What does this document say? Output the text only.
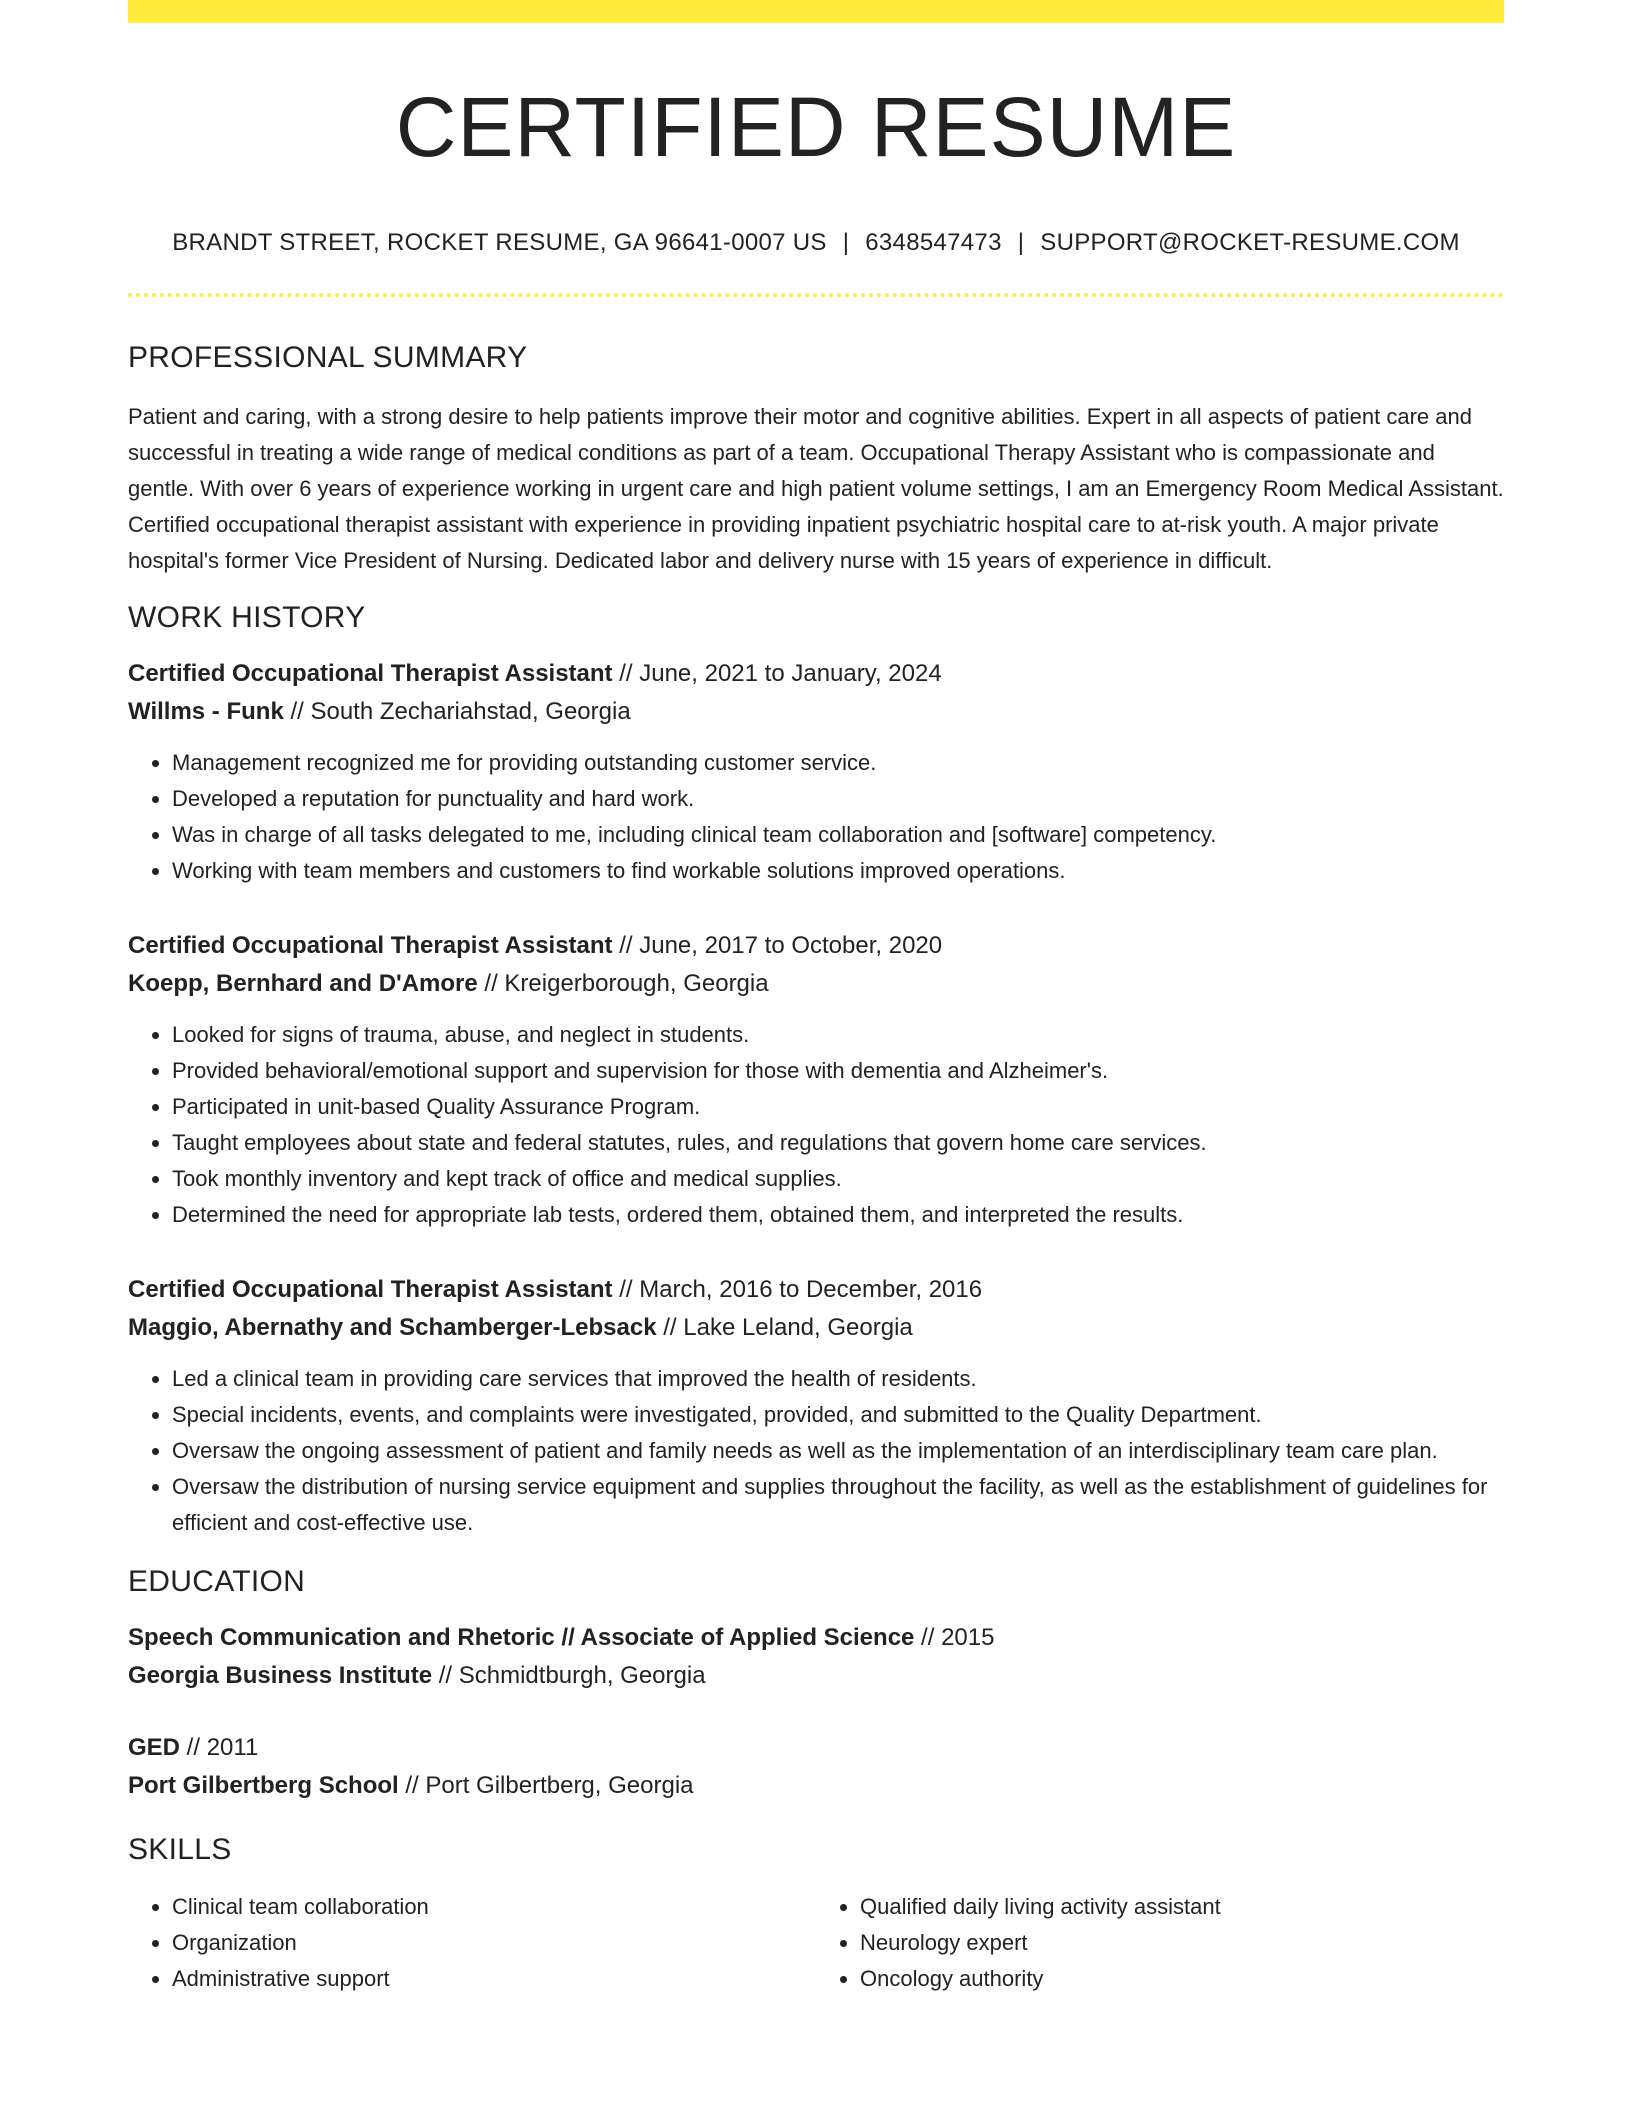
CERTIFIED RESUME
BRANDT STREET, ROCKET RESUME, GA 96641-0007 US | 6348547473 | SUPPORT@ROCKET-RESUME.COM
PROFESSIONAL SUMMARY
Patient and caring, with a strong desire to help patients improve their motor and cognitive abilities. Expert in all aspects of patient care and successful in treating a wide range of medical conditions as part of a team. Occupational Therapy Assistant who is compassionate and gentle. With over 6 years of experience working in urgent care and high patient volume settings, I am an Emergency Room Medical Assistant. Certified occupational therapist assistant with experience in providing inpatient psychiatric hospital care to at-risk youth. A major private hospital's former Vice President of Nursing. Dedicated labor and delivery nurse with 15 years of experience in difficult.
WORK HISTORY
Certified Occupational Therapist Assistant // June, 2021 to January, 2024
Willms - Funk // South Zechariahstad, Georgia
• Management recognized me for providing outstanding customer service.
• Developed a reputation for punctuality and hard work.
• Was in charge of all tasks delegated to me, including clinical team collaboration and [software] competency.
• Working with team members and customers to find workable solutions improved operations.
Certified Occupational Therapist Assistant // June, 2017 to October, 2020
Koepp, Bernhard and D'Amore // Kreigerborough, Georgia
• Looked for signs of trauma, abuse, and neglect in students.
• Provided behavioral/emotional support and supervision for those with dementia and Alzheimer's.
• Participated in unit-based Quality Assurance Program.
• Taught employees about state and federal statutes, rules, and regulations that govern home care services.
• Took monthly inventory and kept track of office and medical supplies.
• Determined the need for appropriate lab tests, ordered them, obtained them, and interpreted the results.
Certified Occupational Therapist Assistant // March, 2016 to December, 2016
Maggio, Abernathy and Schamberger-Lebsack // Lake Leland, Georgia
• Led a clinical team in providing care services that improved the health of residents.
• Special incidents, events, and complaints were investigated, provided, and submitted to the Quality Department.
• Oversaw the ongoing assessment of patient and family needs as well as the implementation of an interdisciplinary team care plan.
• Oversaw the distribution of nursing service equipment and supplies throughout the facility, as well as the establishment of guidelines for efficient and cost-effective use.
EDUCATION
Speech Communication and Rhetoric // Associate of Applied Science // 2015
Georgia Business Institute // Schmidtburgh, Georgia
GED // 2011
Port Gilbertberg School // Port Gilbertberg, Georgia
SKILLS
• Clinical team collaboration
• Organization
• Administrative support
• Qualified daily living activity assistant
• Neurology expert
• Oncology authority
